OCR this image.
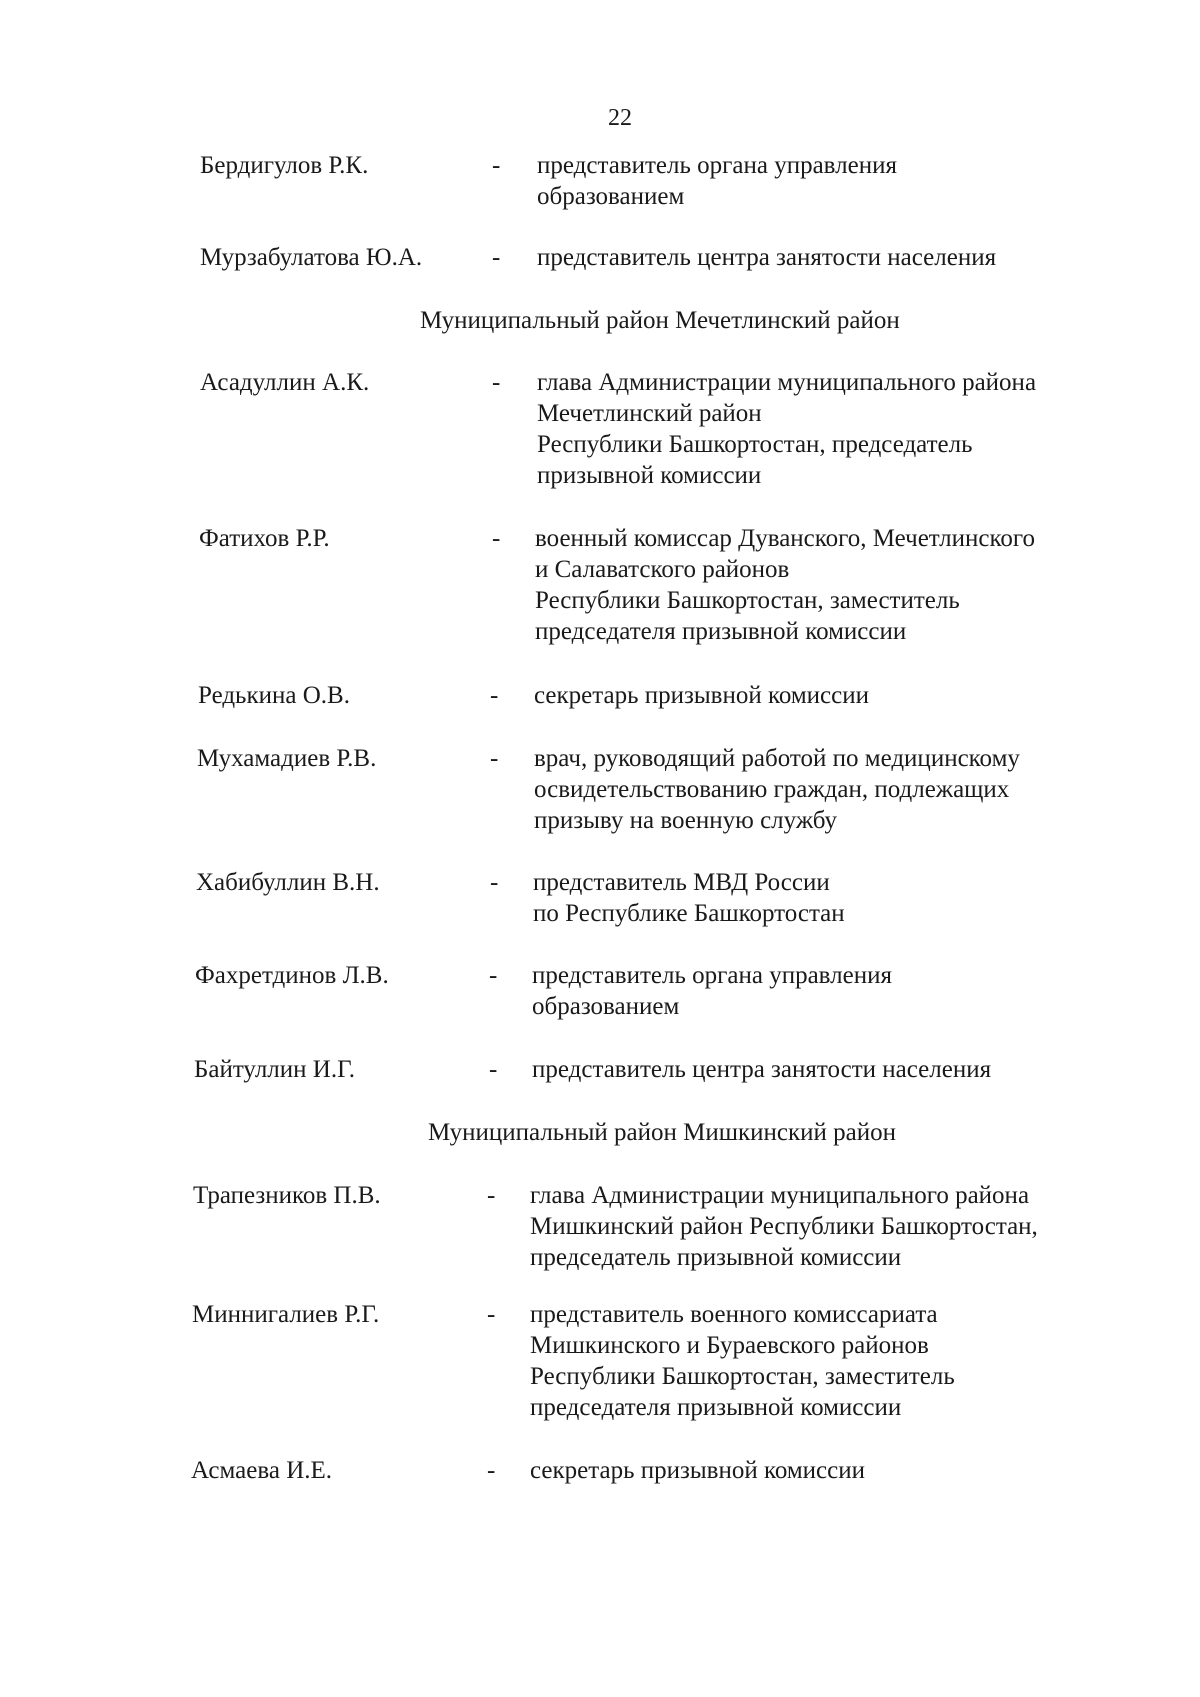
22
Бердигулов Р.К.	- представитель органа управления
образованием
Мурзабулатова Ю.А.	- представитель центра занятости населения
Муниципальный район Мечетлинский район
Асадуллин А.К.	- глава Администрации муниципального района
Мечетлинский район
Республики Башкортостан, председатель
призывной комиссии
Фатихов Р.Р.	- военный комиссар Дуванского, Мечетлинского
и Салаватского районов
Республики Башкортостан, заместитель
председателя призывной комиссии
Редькина О.В.	- секретарь призывной комиссии
Мухамадиев Р.В.	- врач, руководящий работой по медицинскому
освидетельствованию граждан, подлежащих
призыву на военную службу
Хабибуллин В.Н.	- представитель МВД России
по Республике Башкортостан
Фахретдинов Л.В.	- представитель органа управления
образованием
Байтуллин И.Г.	- представитель центра занятости населения
Муниципальный район Мишкинский район
Трапезников П.В.	- глава Администрации муниципального района
Мишкинский район Республики Башкортостан,
председатель призывной комиссии
Миннигалиев Р.Г.	- представитель военного комиссариата
Мишкинского и Бураевского районов
Республики Башкортостан, заместитель
председателя призывной комиссии
Асмаева И.Е.	- секретарь призывной комиссии
